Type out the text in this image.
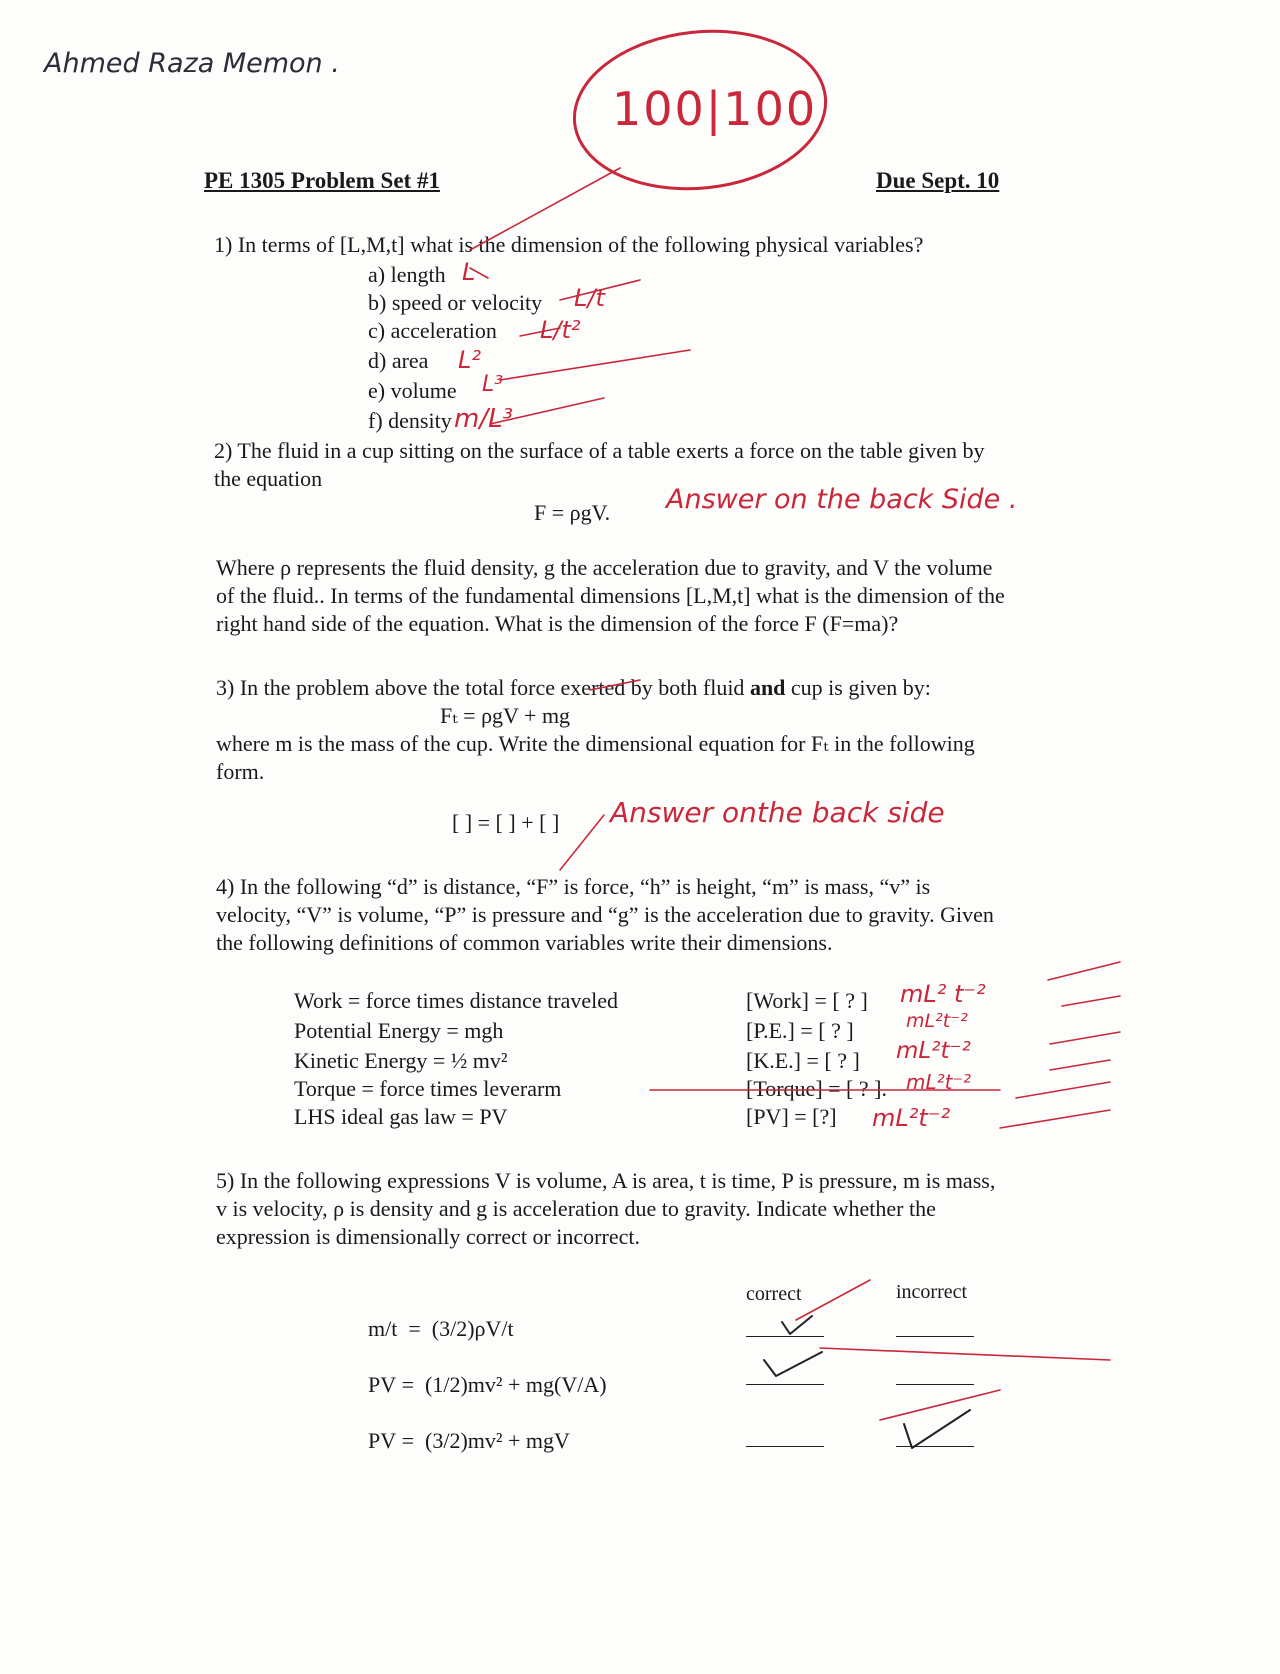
Ahmed Raza Memon .
100|100
PE 1305 Problem Set #1	Due Sept. 10
1) In terms of [L,M,t] what is the dimension of the following physical variables?
a) length
b) speed or velocity
c) acceleration
d) area
e) volume
f) density
L
L/t
L/t²
L²
L³
m/L³
2) The fluid in a cup sitting on the surface of a table exerts a force on the table given by
the equation
F = ρgV. Answer on the back Side .
Where ρ represents the fluid density, g the acceleration due to gravity, and V the volume
of the fluid.. In terms of the fundamental dimensions [L,M,t] what is the dimension of the
right hand side of the equation. What is the dimension of the force F (F=ma)?
3) In the problem above the total force exerted by both fluid and cup is given by:
Fₜ = ρgV + mg
where m is the mass of the cup. Write the dimensional equation for Fₜ in the following
form.
[ ] = [ ] + [ ] Answer onthe back side
4) In the following “d” is distance, “F” is force, “h” is height, “m” is mass, “v” is
velocity, “V” is volume, “P” is pressure and “g” is the acceleration due to gravity. Given
the following definitions of common variables write their dimensions.
Work = force times distance traveled
Potential Energy = mgh
Kinetic Energy = ½ mv²
Torque = force times leverarm
LHS ideal gas law = PV
[Work] = [ ? ]
[P.E.] = [ ? ]
[K.E.] = [ ? ]
[Torque] = [ ? ].
[PV] = [?]
mL² t⁻²
mL²t⁻²
mL²t⁻²
mL²t⁻²
mL²t⁻²
5) In the following expressions V is volume, A is area, t is time, P is pressure, m is mass,
v is velocity, ρ is density and g is acceleration due to gravity. Indicate whether the
expression is dimensionally correct or incorrect.
correct	incorrect
m/t  =  (3/2)ρV/t
PV =  (1/2)mv² + mg(V/A)
PV =  (3/2)mv² + mgV
